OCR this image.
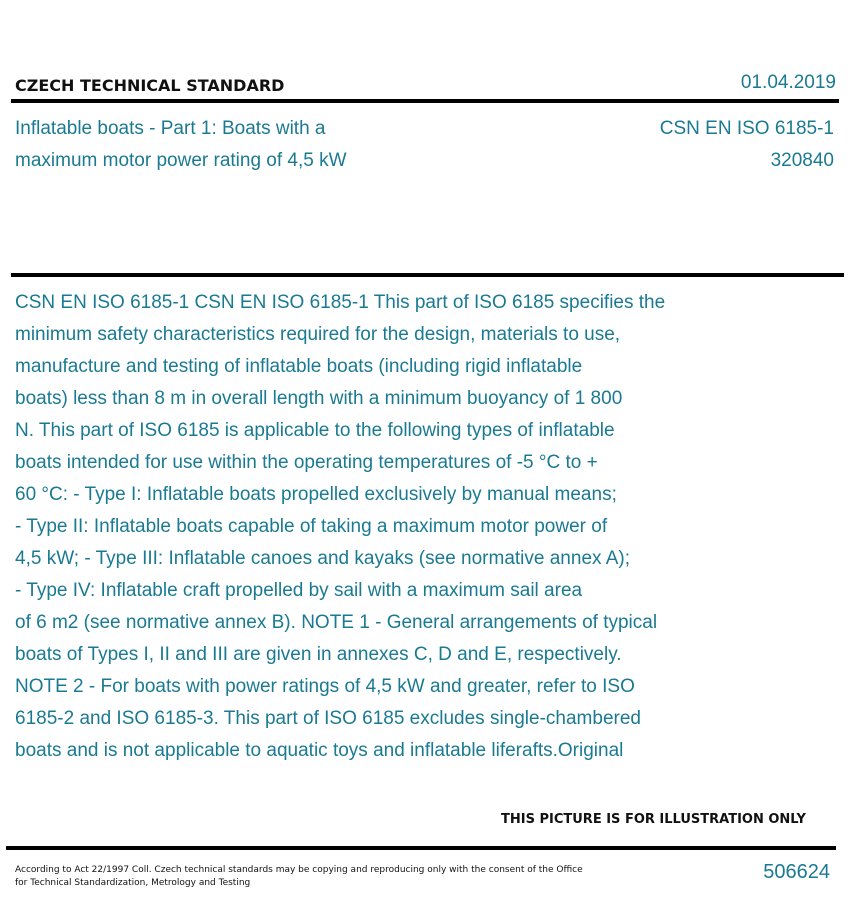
CZECH TECHNICAL STANDARD	01.04.2019
Inflatable boats - Part 1: Boats with a
maximum motor power rating of 4,5 kW
CSN EN ISO 6185-1
320840
CSN EN ISO 6185-1 CSN EN ISO 6185-1 This part of ISO 6185 specifies the
minimum safety characteristics required for the design, materials to use,
manufacture and testing of inflatable boats (including rigid inflatable
boats) less than 8 m in overall length with a minimum buoyancy of 1 800
N. This part of ISO 6185 is applicable to the following types of inflatable
boats intended for use within the operating temperatures of -5 °C to +
60 °C: - Type I: Inflatable boats propelled exclusively by manual means;
- Type II: Inflatable boats capable of taking a maximum motor power of
4,5 kW; - Type III: Inflatable canoes and kayaks (see normative annex A);
- Type IV: Inflatable craft propelled by sail with a maximum sail area
of 6 m2 (see normative annex B). NOTE 1 - General arrangements of typical
boats of Types I, II and III are given in annexes C, D and E, respectively.
NOTE 2 - For boats with power ratings of 4,5 kW and greater, refer to ISO
6185-2 and ISO 6185-3. This part of ISO 6185 excludes single-chambered
boats and is not applicable to aquatic toys and inflatable liferafts.Original
THIS PICTURE IS FOR ILLUSTRATION ONLY
According to Act 22/1997 Coll. Czech technical standards may be copying and reproducing only with the consent of the Office
for Technical Standardization, Metrology and Testing	506624
